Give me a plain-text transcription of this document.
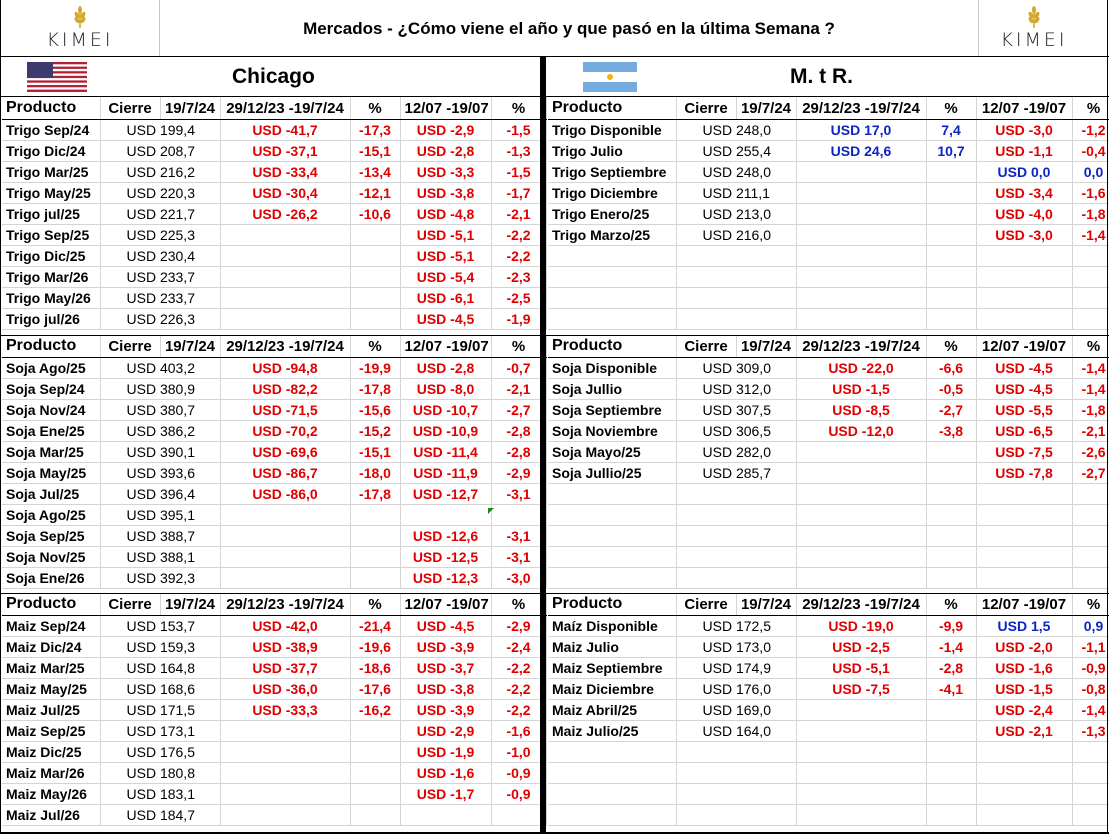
KIMEI
Mercados - ¿Cómo viene el año y que pasó en la última Semana ?
KIMEI
Chicago	M. t R.
Producto	Cierre	19/7/24	29/12/23 -19/7/24	%	12/07 -19/07	%
Trigo Sep/24	USD 199,4		USD -41,7	-17,3	USD -2,9	-1,5
Trigo Dic/24	USD 208,7		USD -37,1	-15,1	USD -2,8	-1,3
Trigo Mar/25	USD 216,2		USD -33,4	-13,4	USD -3,3	-1,5
Trigo May/25	USD 220,3		USD -30,4	-12,1	USD -3,8	-1,7
Trigo jul/25	USD 221,7		USD -26,2	-10,6	USD -4,8	-2,1
Trigo Sep/25	USD 225,3				USD -5,1	-2,2
Trigo Dic/25	USD 230,4				USD -5,1	-2,2
Trigo Mar/26	USD 233,7				USD -5,4	-2,3
Trigo May/26	USD 233,7				USD -6,1	-2,5
Trigo jul/26	USD 226,3				USD -4,5	-1,9
Producto	Cierre	19/7/24	29/12/23 -19/7/24	%	12/07 -19/07	%
Trigo Disponible	USD 248,0		USD 17,0	7,4	USD -3,0	-1,2
Trigo Julio	USD 255,4		USD 24,6	10,7	USD -1,1	-0,4
Trigo Septiembre	USD 248,0				USD 0,0	0,0
Trigo Diciembre	USD 211,1				USD -3,4	-1,6
Trigo Enero/25	USD 213,0				USD -4,0	-1,8
Trigo Marzo/25	USD 216,0				USD -3,0	-1,4

Producto	Cierre	19/7/24	29/12/23 -19/7/24	%	12/07 -19/07	%
Soja Ago/25	USD 403,2		USD -94,8	-19,9	USD -2,8	-0,7
Soja Sep/24	USD 380,9		USD -82,2	-17,8	USD -8,0	-2,1
Soja Nov/24	USD 380,7		USD -71,5	-15,6	USD -10,7	-2,7
Soja Ene/25	USD 386,2		USD -70,2	-15,2	USD -10,9	-2,8
Soja Mar/25	USD 390,1		USD -69,6	-15,1	USD -11,4	-2,8
Soja May/25	USD 393,6		USD -86,7	-18,0	USD -11,9	-2,9
Soja Jul/25	USD 396,4		USD -86,0	-17,8	USD -12,7	-3,1
Soja Ago/25	USD 395,1					
Soja Sep/25	USD 388,7				USD -12,6	-3,1
Soja Nov/25	USD 388,1				USD -12,5	-3,1
Soja Ene/26	USD 392,3				USD -12,3	-3,0
Producto	Cierre	19/7/24	29/12/23 -19/7/24	%	12/07 -19/07	%
Soja Disponible	USD 309,0		USD -22,0	-6,6	USD -4,5	-1,4
Soja Jullio	USD 312,0		USD -1,5	-0,5	USD -4,5	-1,4
Soja Septiembre	USD 307,5		USD -8,5	-2,7	USD -5,5	-1,8
Soja Noviembre	USD 306,5		USD -12,0	-3,8	USD -6,5	-2,1
Soja Mayo/25	USD 282,0				USD -7,5	-2,6
Soja Jullio/25	USD 285,7				USD -7,8	-2,7

Producto	Cierre	19/7/24	29/12/23 -19/7/24	%	12/07 -19/07	%
Maiz Sep/24	USD 153,7		USD -42,0	-21,4	USD -4,5	-2,9
Maiz Dic/24	USD 159,3		USD -38,9	-19,6	USD -3,9	-2,4
Maiz Mar/25	USD 164,8		USD -37,7	-18,6	USD -3,7	-2,2
Maiz May/25	USD 168,6		USD -36,0	-17,6	USD -3,8	-2,2
Maiz Jul/25	USD 171,5		USD -33,3	-16,2	USD -3,9	-2,2
Maiz Sep/25	USD 173,1				USD -2,9	-1,6
Maiz Dic/25	USD 176,5				USD -1,9	-1,0
Maiz Mar/26	USD 180,8				USD -1,6	-0,9
Maiz May/26	USD 183,1				USD -1,7	-0,9
Maiz Jul/26	USD 184,7					
Producto	Cierre	19/7/24	29/12/23 -19/7/24	%	12/07 -19/07	%
Maíz Disponible	USD 172,5		USD -19,0	-9,9	USD 1,5	0,9
Maiz Julio	USD 173,0		USD -2,5	-1,4	USD -2,0	-1,1
Maiz Septiembre	USD 174,9		USD -5,1	-2,8	USD -1,6	-0,9
Maiz Diciembre	USD 176,0		USD -7,5	-4,1	USD -1,5	-0,8
Maiz Abril/25	USD 169,0				USD -2,4	-1,4
Maiz Julio/25	USD 164,0				USD -2,1	-1,3
